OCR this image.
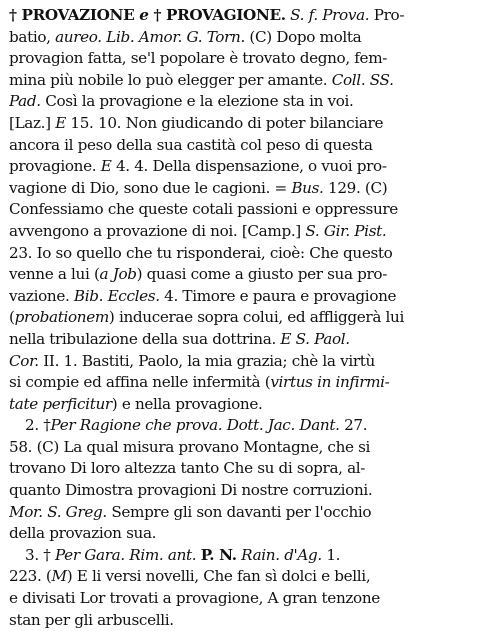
† PROVAZIONE e † PROVAGIONE. S. f. Prova. Pro-
batio, aureo. Lib. Amor. G. Torn. (C) Dopo molta
provagion fatta, se'l popolare è trovato degno, fem-
mina più nobile lo può elegger per amante. Coll. SS.
Pad. Così la provagione e la elezione sta in voi.
[Laz.] E 15. 10. Non giudicando di poter bilanciare
ancora il peso della sua castità col peso di questa
provagione. E 4. 4. Della dispensazione, o vuoi pro-
vagione di Dio, sono due le cagioni. = Bus. 129. (C)
Confessiamo che queste cotali passioni e oppressure
avvengono a provazione di noi. [Camp.] S. Gir. Pist.
23. Io so quello che tu risponderai, cioè: Che questo
venne a lui (a Job) quasi come a giusto per sua pro-
vazione. Bib. Eccles. 4. Timore e paura e provagione
(probationem) inducerae sopra colui, ed affliggerà lui
nella tribulazione della sua dottrina. E S. Paol.
Cor. II. 1. Bastiti, Paolo, la mia grazia; chè la virtù
si compie ed affina nelle infermità (virtus in infirmi-
tate perficitur) e nella provagione.
2. †Per Ragione che prova. Dott. Jac. Dant. 27.
58. (C) La qual misura provano Montagne, che si
trovano Di loro altezza tanto Che su di sopra, al-
quanto Dimostra provagioni Di nostre corruzioni.
Mor. S. Greg. Sempre gli son davanti per l'occhio
della provazion sua.
3. † Per Gara. Rim. ant. P. N. Rain. d'Ag. 1.
223. (M) E li versi novelli, Che fan sì dolci e belli,
e divisati Lor trovati a provagione, A gran tenzone
stan per gli arbuscelli.
